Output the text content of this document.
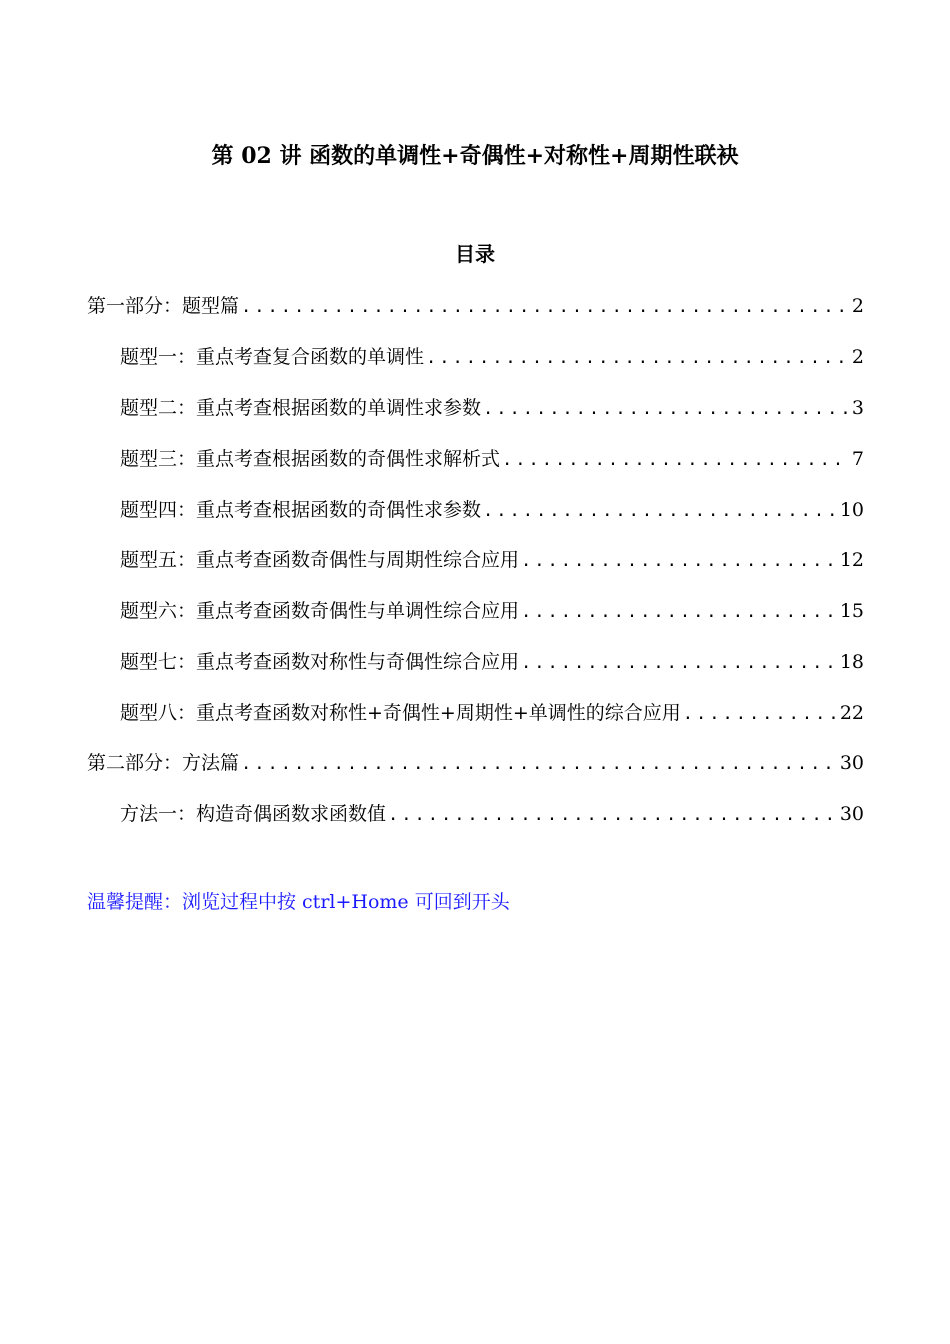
第 02 讲 函数的单调性+奇偶性+对称性+周期性联袂
目录
第一部分：题型篇 .....	2
题型一：重点考查复合函数的单调性 .....	2
题型二：重点考查根据函数的单调性求参数 .....	3
题型三：重点考查根据函数的奇偶性求解析式 .....	7
题型四：重点考查根据函数的奇偶性求参数 .....	10
题型五：重点考查函数奇偶性与周期性综合应用 .....	12
题型六：重点考查函数奇偶性与单调性综合应用 .....	15
题型七：重点考查函数对称性与奇偶性综合应用 .....	18
题型八：重点考查函数对称性+奇偶性+周期性+单调性的综合应用 .....	22
第二部分：方法篇 .....	30
方法一：构造奇偶函数求函数值 .....	30
温馨提醒：浏览过程中按 ctrl+Home 可回到开头
